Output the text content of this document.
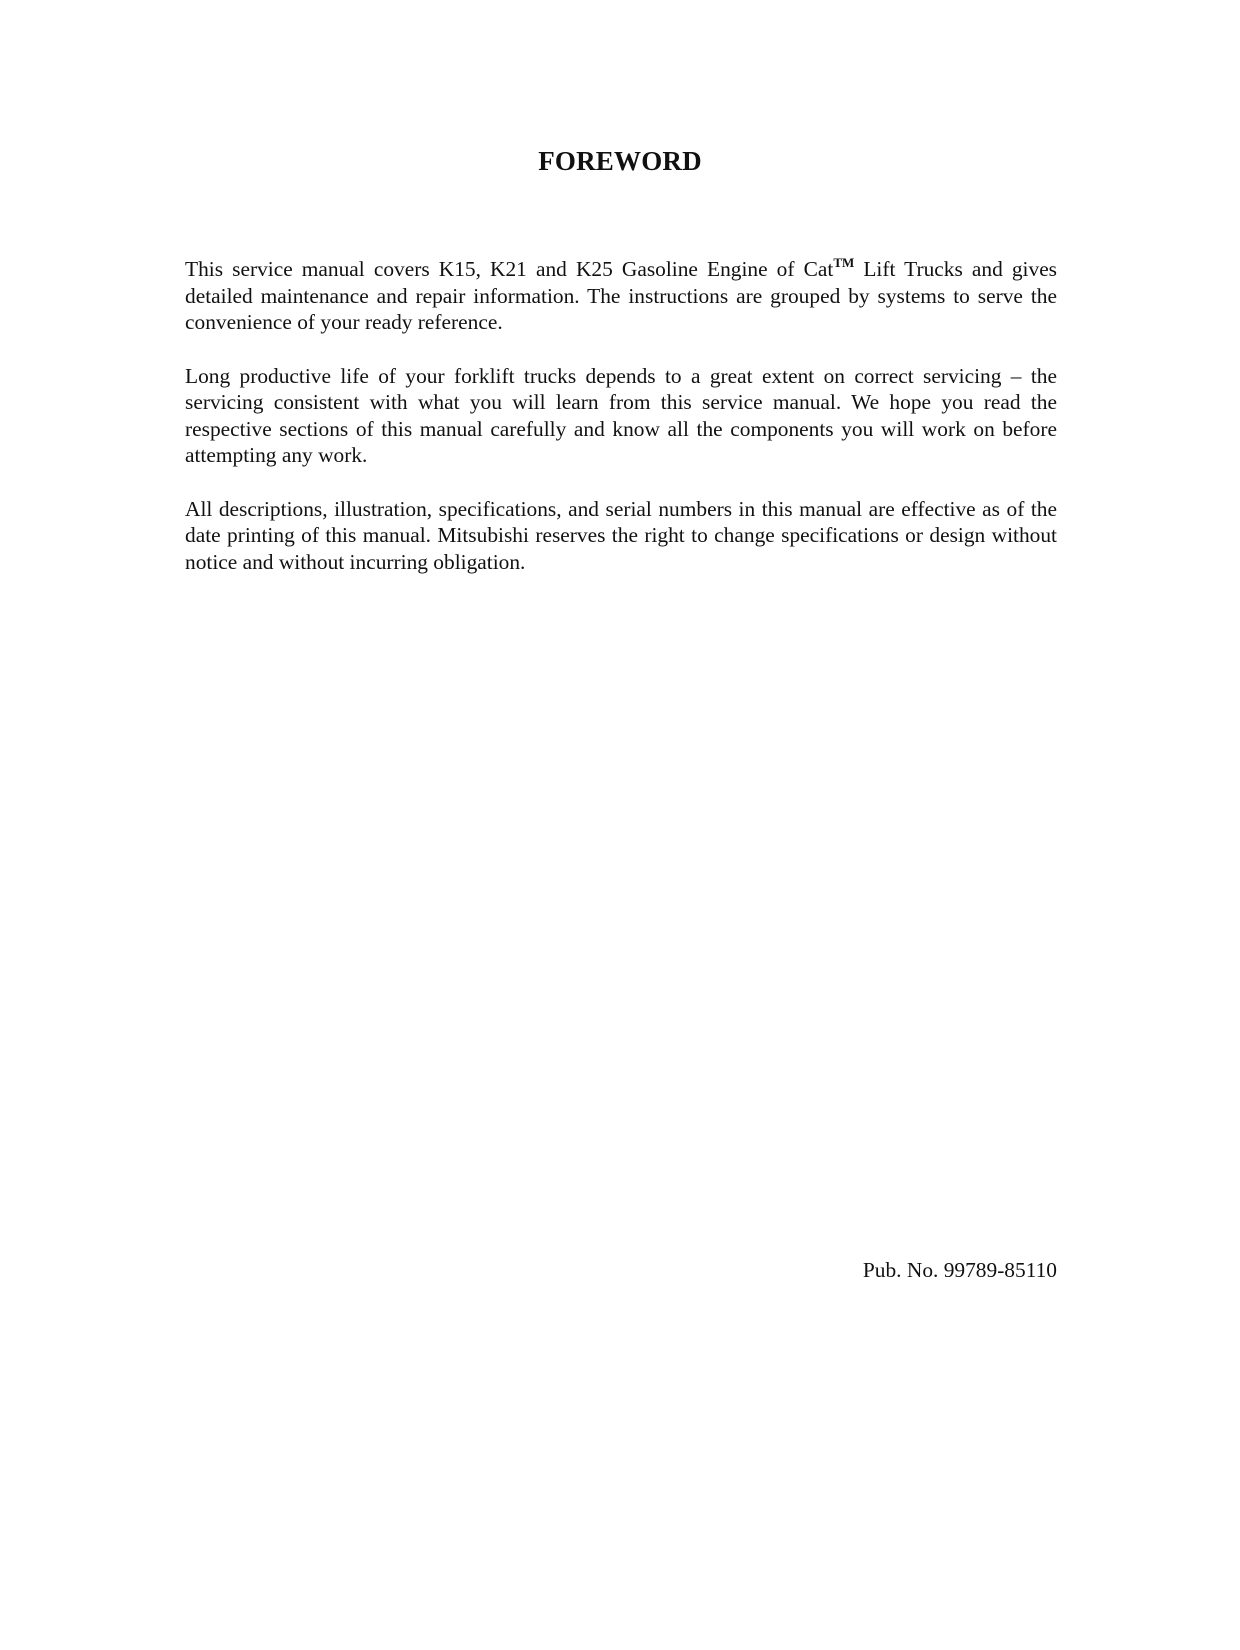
FOREWORD

This service manual covers K15, K21 and K25 Gasoline Engine of Cat™ Lift Trucks and gives detailed maintenance and repair information. The instructions are grouped by systems to serve the convenience of your ready reference.

Long productive life of your forklift trucks depends to a great extent on correct servicing – the servicing consistent with what you will learn from this service manual. We hope you read the respective sections of this manual carefully and know all the components you will work on before attempting any work.

All descriptions, illustration, specifications, and serial numbers in this manual are effective as of the date printing of this manual. Mitsubishi reserves the right to change specifications or design without notice and without incurring obligation.

Pub. No. 99789-85110
